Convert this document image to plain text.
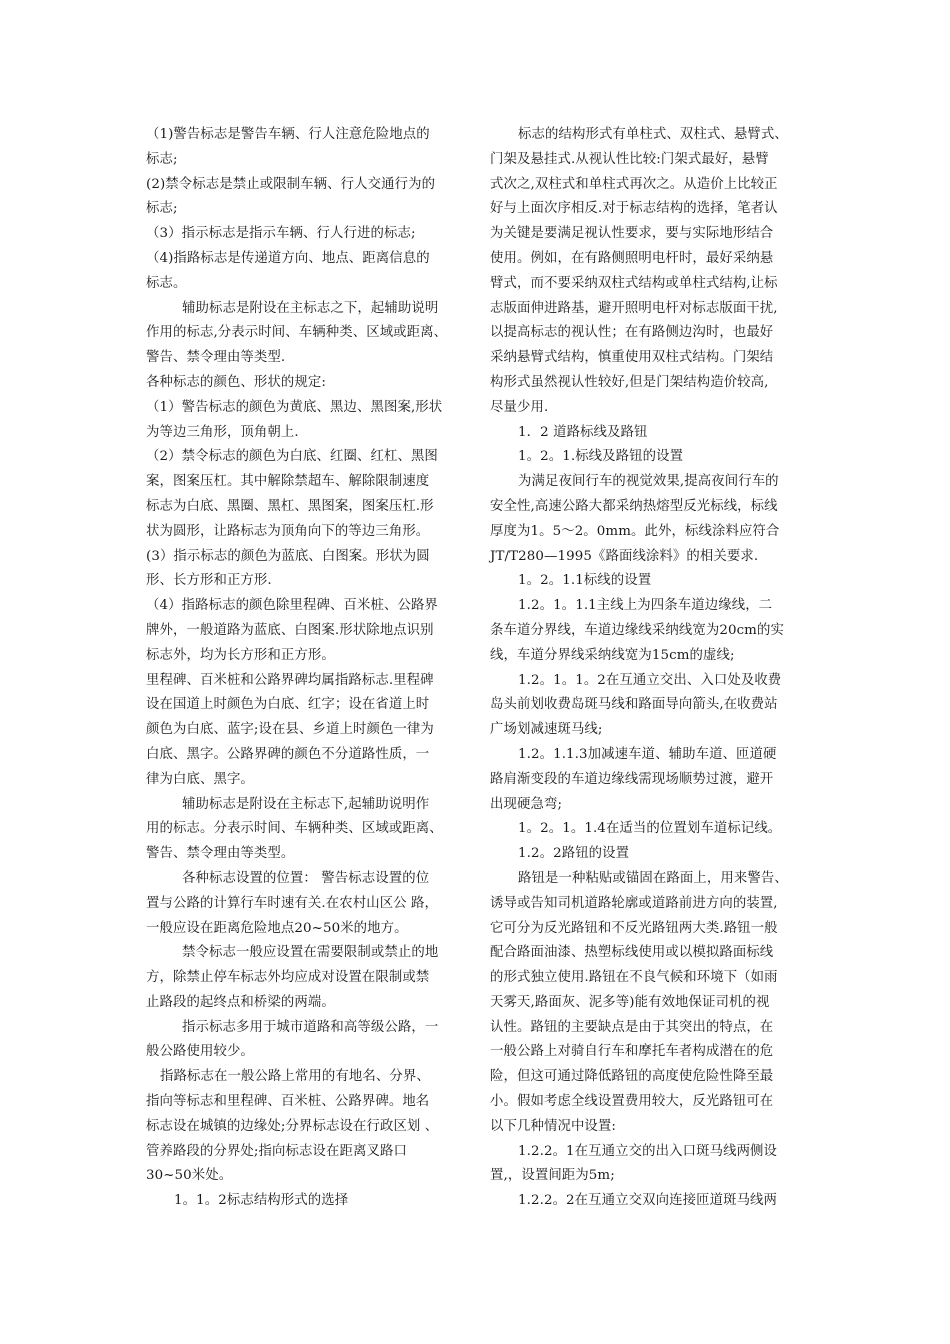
（1)警告标志是警告车辆、行人注意危险地点的
标志;
(2)禁令标志是禁止或限制车辆、行人交通行为的
标志;
（3）指示标志是指示车辆、行人行进的标志;
（4)指路标志是传递道方向、地点、距离信息的
标志。
辅助标志是附设在主标志之下，起辅助说明
作用的标志,分表示时间、车辆种类、区域或距离、
警告、禁令理由等类型.
各种标志的颜色、形状的规定:
（1）警告标志的颜色为黄底、黑边、黑图案,形状
为等边三角形，顶角朝上.
（2）禁令标志的颜色为白底、红圈、红杠、黑图
案，图案压杠。其中解除禁超车、解除限制速度
标志为白底、黑圈、黑杠、黑图案，图案压杠.形
状为圆形，让路标志为顶角向下的等边三角形。
(3）指示标志的颜色为蓝底、白图案。形状为圆
形、长方形和正方形.
（4）指路标志的颜色除里程碑、百米桩、公路界
牌外，一般道路为蓝底、白图案.形状除地点识别
标志外，均为长方形和正方形。
里程碑、百米桩和公路界碑均属指路标志.里程碑
设在国道上时颜色为白底、红字；设在省道上时
颜色为白底、蓝字;设在县、乡道上时颜色一律为
白底、黑字。公路界碑的颜色不分道路性质，一
律为白底、黑字。
辅助标志是附设在主标志下,起辅助说明作
用的标志。分表示时间、车辆种类、区域或距离、
警告、禁令理由等类型。
各种标志设置的位置： 警告标志设置的位
置与公路的计算行车时速有关.在农村山区公 路，
一般应设在距离危险地点20~50米的地方。
禁令标志一般应设置在需要限制或禁止的地
方，除禁止停车标志外均应成对设置在限制或禁
止路段的起终点和桥梁的两端。
指示标志多用于城市道路和高等级公路，一
般公路使用较少。
指路标志在一般公路上常用的有地名、分界、
指向等标志和里程碑、百米桩、公路界碑。地名
标志设在城镇的边缘处;分界标志设在行政区划 、
管养路段的分界处;指向标志设在距离叉路口
30~50米处。
1。1。2标志结构形式的选择
标志的结构形式有单柱式、双柱式、悬臂式、
门架及悬挂式.从视认性比较:门架式最好，悬臂
式次之,双柱式和单柱式再次之。从造价上比较正
好与上面次序相反.对于标志结构的选择，笔者认
为关键是要满足视认性要求，要与实际地形结合
使用。例如，在有路侧照明电杆时，最好采纳悬
臂式，而不要采纳双柱式结构或单柱式结构,让标
志版面伸进路基，避开照明电杆对标志版面干扰,
以提高标志的视认性；在有路侧边沟时，也最好
采纳悬臂式结构，慎重使用双柱式结构。门架结
构形式虽然视认性较好,但是门架结构造价较高,
尽量少用.
1．2 道路标线及路钮
1。2。1.标线及路钮的设置
为满足夜间行车的视觉效果,提高夜间行车的
安全性,高速公路大都采纳热熔型反光标线，标线
厚度为1。5～2。0mm。此外，标线涂料应符合
JT/T280—1995《路面线涂料》的相关要求.
1。2。1.1标线的设置
1.2。1。1.1主线上为四条车道边缘线，二
条车道分界线，车道边缘线采纳线宽为20cm的实
线，车道分界线采纳线宽为15cm的虚线;
1.2。1。1。2在互通立交出、入口处及收费
岛头前划收费岛斑马线和路面导向箭头,在收费站
广场划减速斑马线;
1.2。1.1.3加减速车道、辅助车道、匝道硬
路肩渐变段的车道边缘线需现场顺势过渡，避开
出现硬急弯;
1。2。1。1.4在适当的位置划车道标记线。
1.2。2路钮的设置
路钮是一种粘贴或锚固在路面上，用来警告、
诱导或告知司机道路轮廓或道路前进方向的装置,
它可分为反光路钮和不反光路钮两大类.路钮一般
配合路面油漆、热塑标线使用或以模拟路面标线
的形式独立使用.路钮在不良气候和环境下（如雨
天雾天,路面灰、泥多等)能有效地保证司机的视
认性。路钮的主要缺点是由于其突出的特点，在
一般公路上对骑自行车和摩托车者构成潜在的危
险，但这可通过降低路钮的高度使危险性降至最
小。假如考虑全线设置费用较大，反光路钮可在
以下几种情况中设置:
1.2.2。1在互通立交的出入口斑马线两侧设
置,，设置间距为5m;
1.2.2。2在互通立交双向连接匝道斑马线两
